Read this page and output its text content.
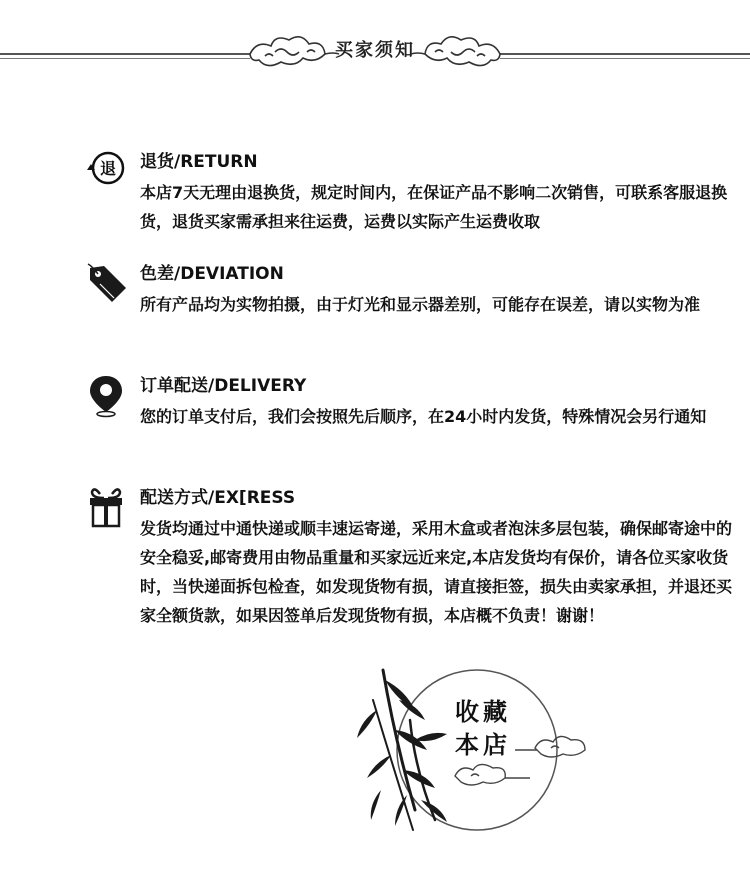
买家须知
退 退货/RETURN
本店7天无理由退换货，规定时间内，在保证产品不影响二次销售，可联系客服退换货，退货买家需承担来往运费，运费以实际产生运费收取
色差/DEVIATION
所有产品均为实物拍摄，由于灯光和显示器差别，可能存在误差，请以实物为准
订单配送/DELIVERY
您的订单支付后，我们会按照先后顺序，在24小时内发货，特殊情况会另行通知
配送方式/EX[RESS
发货均通过中通快递或顺丰速运寄递，采用木盒或者泡沫多层包装，确保邮寄途中的安全稳妥,邮寄费用由物品重量和买家远近来定,本店发货均有保价，请各位买家收货时，当快递面拆包检查，如发现货物有损，请直接拒签，损失由卖家承担，并退还买家全额货款，如果因签单后发现货物有损，本店概不负责！谢谢！
收藏
本店
